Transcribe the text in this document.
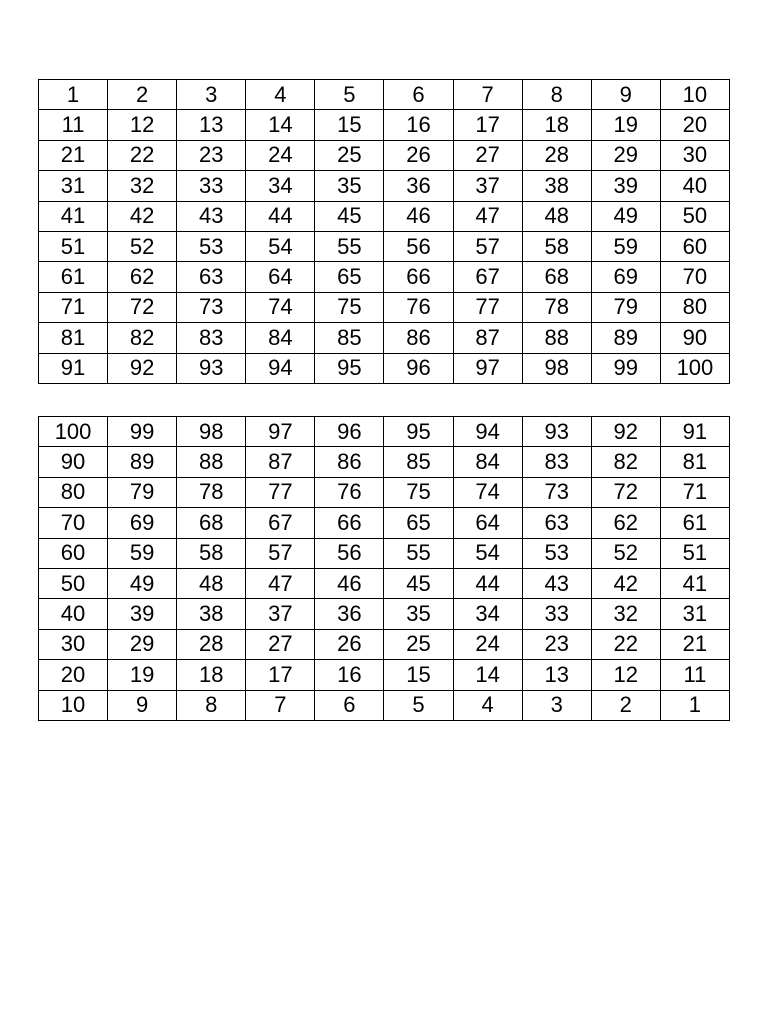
1	2	3	4	5	6	7	8	9	10
11	12	13	14	15	16	17	18	19	20
21	22	23	24	25	26	27	28	29	30
31	32	33	34	35	36	37	38	39	40
41	42	43	44	45	46	47	48	49	50
51	52	53	54	55	56	57	58	59	60
61	62	63	64	65	66	67	68	69	70
71	72	73	74	75	76	77	78	79	80
81	82	83	84	85	86	87	88	89	90
91	92	93	94	95	96	97	98	99	100
100	99	98	97	96	95	94	93	92	91
90	89	88	87	86	85	84	83	82	81
80	79	78	77	76	75	74	73	72	71
70	69	68	67	66	65	64	63	62	61
60	59	58	57	56	55	54	53	52	51
50	49	48	47	46	45	44	43	42	41
40	39	38	37	36	35	34	33	32	31
30	29	28	27	26	25	24	23	22	21
20	19	18	17	16	15	14	13	12	11
10	9	8	7	6	5	4	3	2	1
